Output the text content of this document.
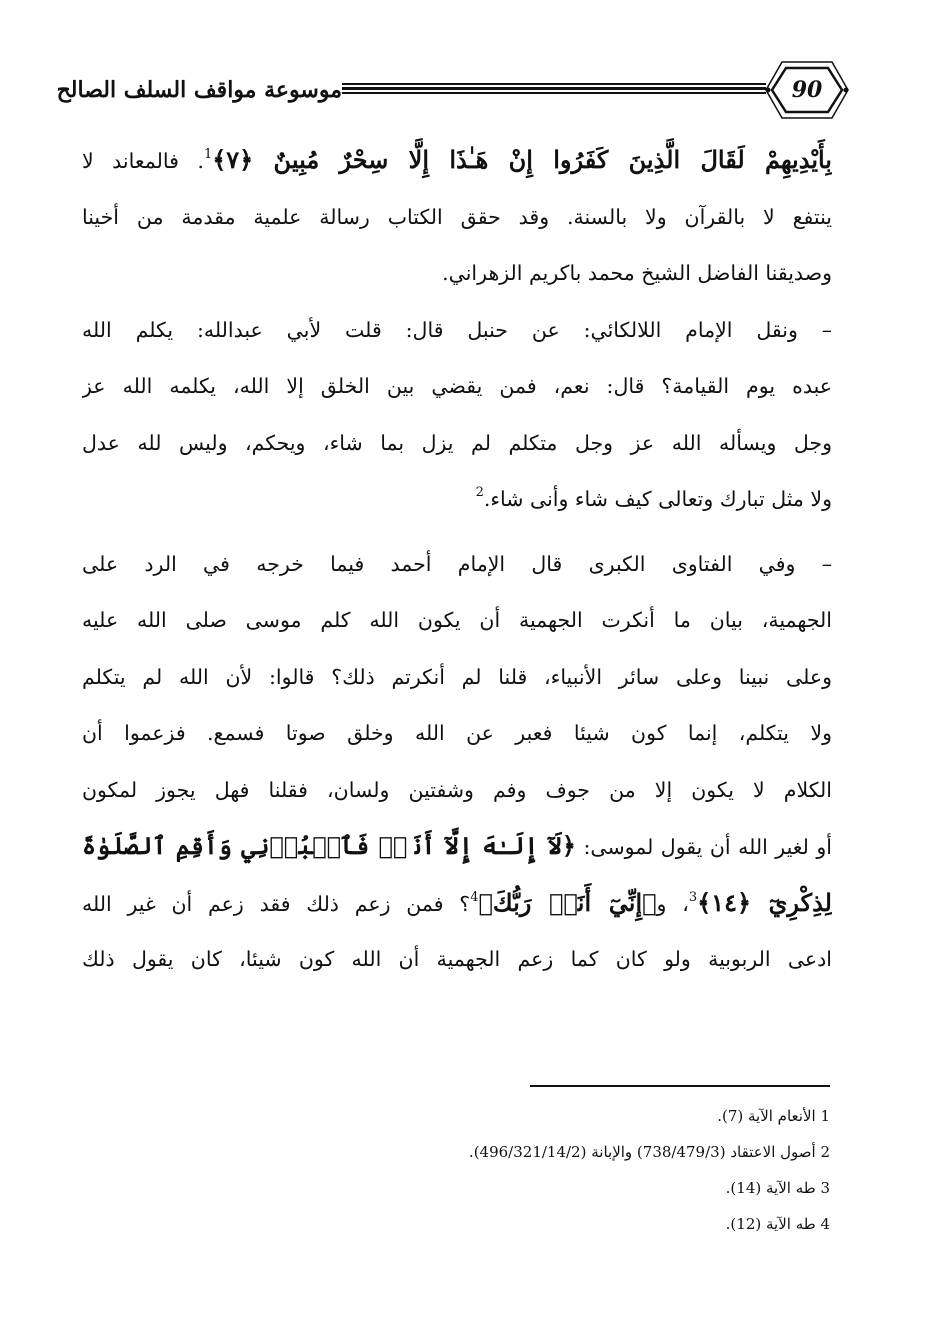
90
موسوعة مواقف السلف الصالح
بِأَيْدِيهِمْ لَقَالَ الَّذِينَ كَفَرُوا إِنْ هَـٰذَا إِلَّا سِحْرٌ مُبِينٌ ﴿٧﴾$^1$. فالمعاند لا
ينتفع لا بالقرآن ولا بالسنة. وقد حقق الكتاب رسالة علمية مقدمة من أخينا
وصديقنا الفاضل الشيخ محمد باكريم الزهراني.
– ونقل الإمام اللالكائي: عن حنبل قال: قلت لأبي عبدالله: يكلم الله
عبده يوم القيامة؟ قال: نعم، فمن يقضي بين الخلق إلا الله، يكلمه الله عز
وجل ويسأله الله عز وجل متكلم لم يزل بما شاء، ويحكم، وليس لله عدل
ولا مثل تبارك وتعالى كيف شاء وأنى شاء.$^2$
– وفي الفتاوى الكبرى قال الإمام أحمد فيما خرجه في الرد على
الجهمية، بيان ما أنكرت الجهمية أن يكون الله كلم موسى صلى الله عليه
وعلى نبينا وعلى سائر الأنبياء، قلنا لم أنكرتم ذلك؟ قالوا: لأن الله لم يتكلم
ولا يتكلم، إنما كون شيئا فعبر عن الله وخلق صوتا فسمع. فزعموا أن
الكلام لا يكون إلا من جوف وفم وشفتين ولسان، فقلنا فهل يجوز لمكون
أو لغير الله أن يقول لموسى: ﴿لَآ إِلَـٰهَ إِلَّآ أَنَا۠ فَٱعۡبُدۡنِي وَأَقِمِ ٱلصَّلَوٰةَ
لِذِكْرِيٓ ﴿١٤﴾$^3$، و﴿إِنِّيٓ أَنَا۠ رَبُّكَ﴾$^4$؟ فمن زعم ذلك فقد زعم أن غير الله
ادعى الربوبية ولو كان كما زعم الجهمية أن الله كون شيئا، كان يقول ذلك
1 الأنعام الآية (7).
2 أصول الاعتقاد (738/479/3) والإبانة (496/321/14/2).
3 طه الآية (14).
4 طه الآية (12).
